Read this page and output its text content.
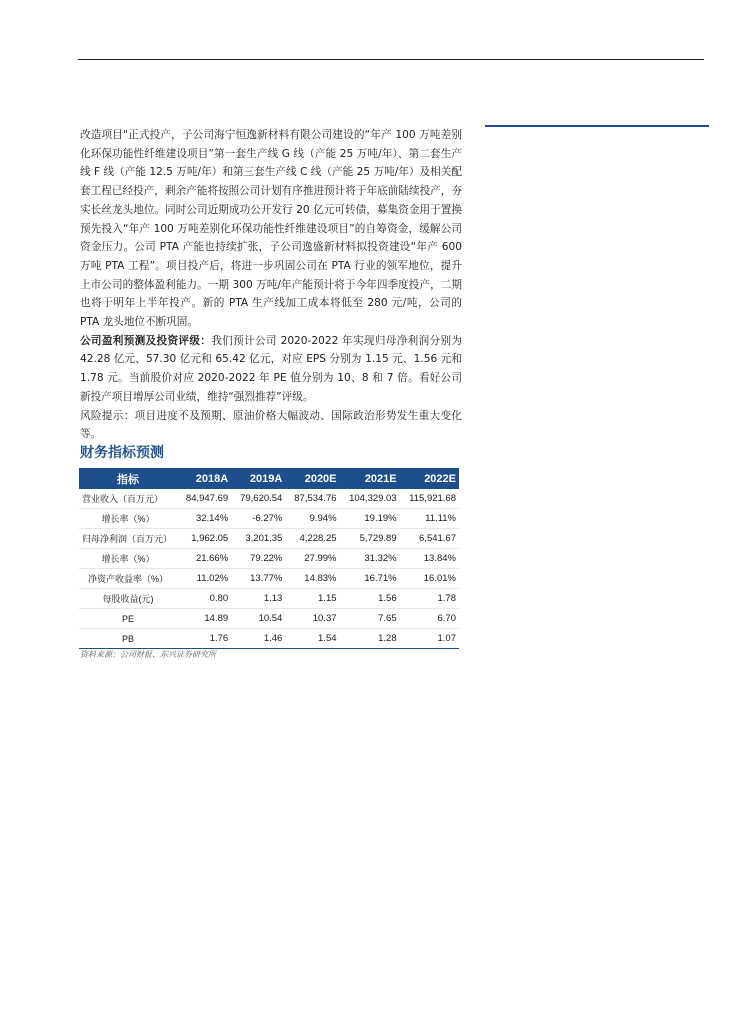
改造项目"正式投产，子公司海宁恒逸新材料有限公司建设的“年产 100 万吨差别化环保功能性纤维建设项目”第一套生产线 G 线（产能 25 万吨/年）、第二套生产线 F 线（产能 12.5 万吨/年）和第三套生产线 C 线（产能 25 万吨/年）及相关配套工程已经投产，剩余产能将按照公司计划有序推进预计将于年底前陆续投产，夯实长丝龙头地位。同时公司近期成功公开发行 20 亿元可转债，募集资金用于置换预先投入“年产 100 万吨差别化环保功能性纤维建设项目”的自筹资金，缓解公司资金压力。公司 PTA 产能也持续扩张，子公司逸盛新材料拟投资建设“年产 600 万吨 PTA 工程”。项目投产后，将进一步巩固公司在 PTA 行业的领军地位，提升上市公司的整体盈利能力。一期 300 万吨/年产能预计将于今年四季度投产，二期也将于明年上半年投产。新的 PTA 生产线加工成本将低至 280 元/吨，公司的 PTA 龙头地位不断巩固。

公司盈利预测及投资评级：我们预计公司 2020-2022 年实现归母净利润分别为 42.28 亿元、57.30 亿元和 65.42 亿元，对应 EPS 分别为 1.15 元、1.56 元和 1.78 元。当前股价对应 2020-2022 年 PE 值分别为 10、8 和 7 倍。看好公司新投产项目增厚公司业绩，维持“强烈推荐”评级。

风险提示：项目进度不及预期、原油价格大幅波动、国际政治形势发生重大变化等。

财务指标预测
指标	2018A	2019A	2020E	2021E	2022E
营业收入（百万元）	84,947.69	79,620.54	87,534.76	104,329.03	115,921.68
增长率（%）	32.14%	-6.27%	9.94%	19.19%	11.11%
归母净利润（百万元）	1,962.05	3,201.35	4,228.25	5,729.89	6,541.67
增长率（%）	21.66%	79.22%	27.99%	31.32%	13.84%
净资产收益率（%）	11.02%	13.77%	14.83%	16.71%	16.01%
每股收益(元)	0.80	1.13	1.15	1.56	1.78
PE	14.89	10.54	10.37	7.65	6.70
PB	1.76	1.46	1.54	1.28	1.07
资料来源：公司财报、东兴证券研究所
